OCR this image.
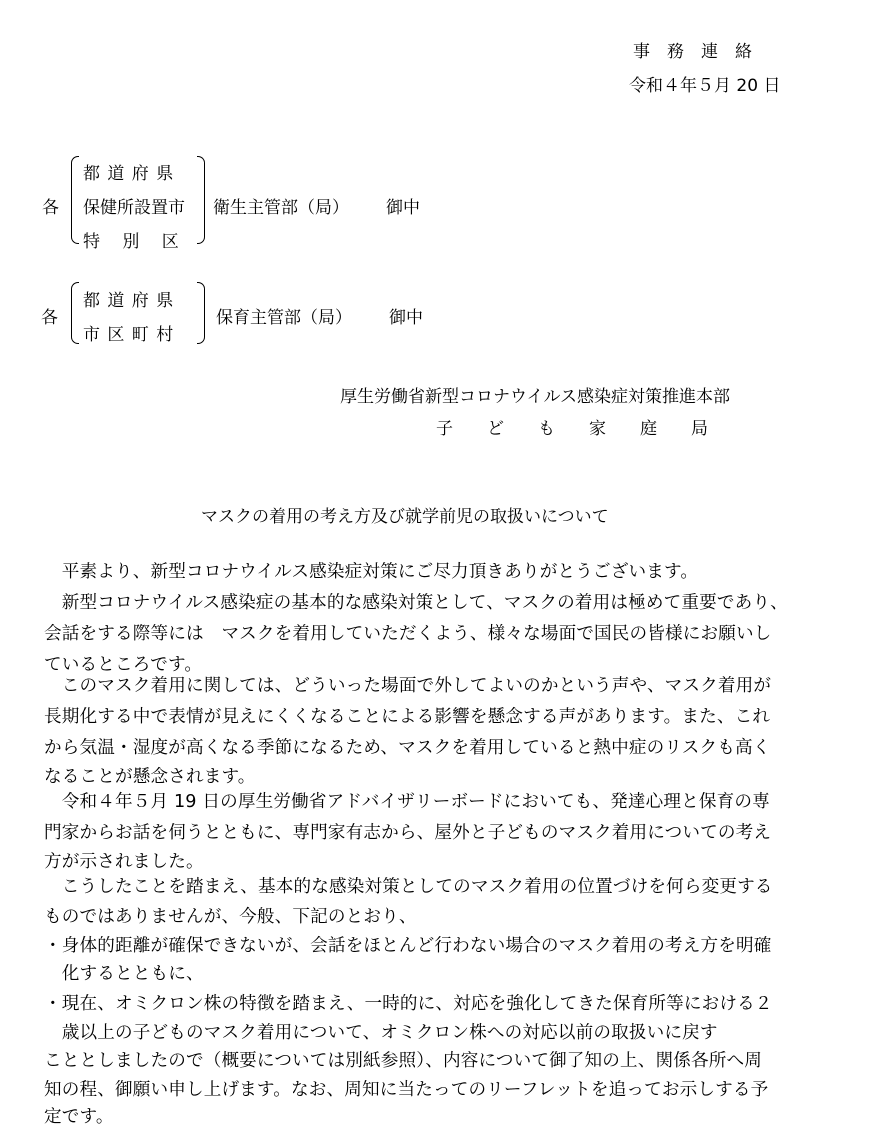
事　務　連　絡
令和４年５月 20 日
各
都 道 府 県
保健所設置市
特　 別　 区
衛生主管部（局） 御中
各
都 道 府 県
市 区 町 村
保育主管部（局） 御中
厚生労働省新型コロナウイルス感染症対策推進本部
子　　ど　　も　　家　　庭　　局
マスクの着用の考え方及び就学前児の取扱いについて
　平素より、新型コロナウイルス感染症対策にご尽力頂きありがとうございます。
　新型コロナウイルス感染症の基本的な感染対策として、マスクの着用は極めて重要であり、
会話をする際等には　マスクを着用していただくよう、様々な場面で国民の皆様にお願いし
ているところです。
　このマスク着用に関しては、どういった場面で外してよいのかという声や、マスク着用が
長期化する中で表情が見えにくくなることによる影響を懸念する声があります。また、これ
から気温・湿度が高くなる季節になるため、マスクを着用していると熱中症のリスクも高く
なることが懸念されます。
　令和４年５月 19 日の厚生労働省アドバイザリーボードにおいても、発達心理と保育の専
門家からお話を伺うとともに、専門家有志から、屋外と子どものマスク着用についての考え
方が示されました。
　こうしたことを踏まえ、基本的な感染対策としてのマスク着用の位置づけを何ら変更する
ものではありませんが、今般、下記のとおり、
・身体的距離が確保できないが、会話をほとんど行わない場合のマスク着用の考え方を明確
　化するとともに、
・現在、オミクロン株の特徴を踏まえ、一時的に、対応を強化してきた保育所等における２
　歳以上の子どものマスク着用について、オミクロン株への対応以前の取扱いに戻す
こととしましたので（概要については別紙参照）、内容について御了知の上、関係各所へ周
知の程、御願い申し上げます。なお、周知に当たってのリーフレットを追ってお示しする予
定です。
